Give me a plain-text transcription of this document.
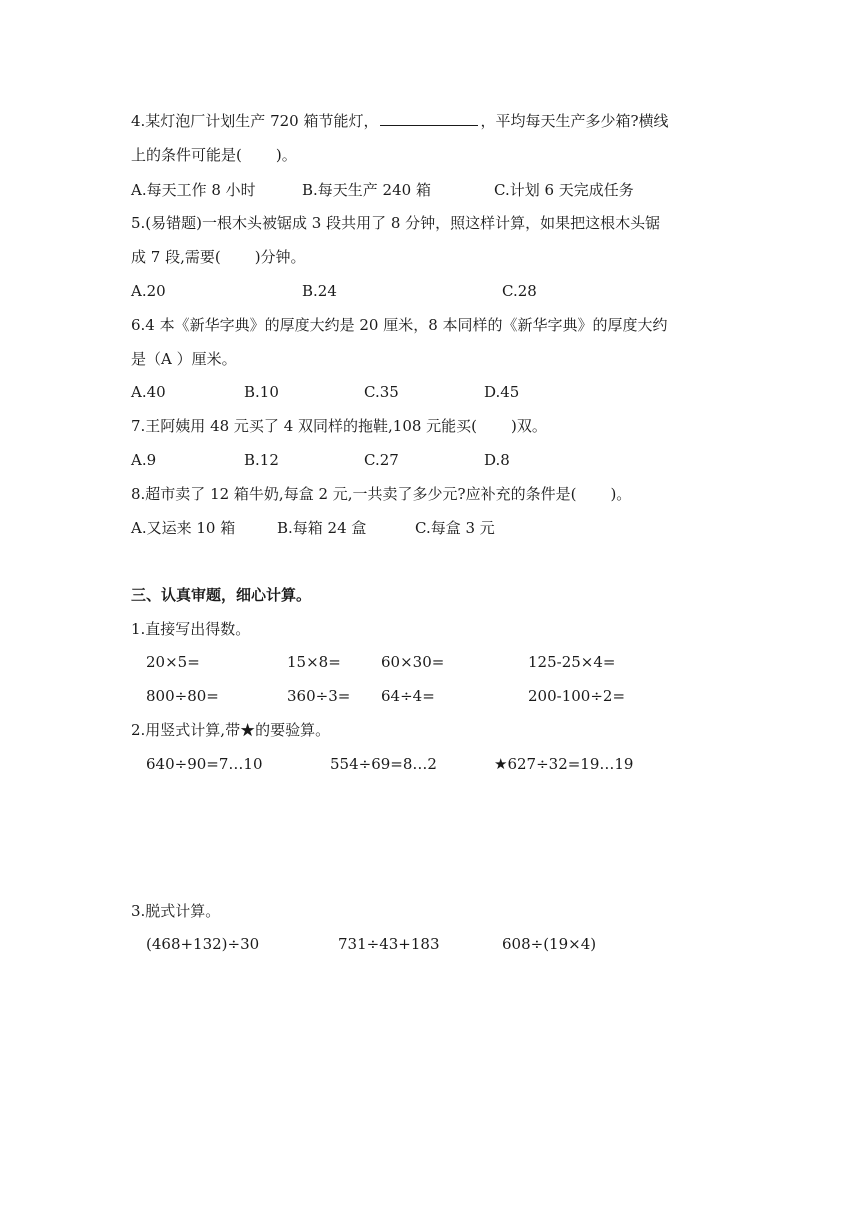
4.某灯泡厂计划生产 720 箱节能灯，	，平均每天生产多少箱?横线
上的条件可能是( )。
A.每天工作 8 小时	B.每天生产 240 箱	C.计划 6 天完成任务
5.(易错题)一根木头被锯成 3 段共用了 8 分钟，照这样计算，如果把这根木头锯
成 7 段,需要( )分钟。
A.20	B.24	C.28
6.4 本《新华字典》的厚度大约是 20 厘米，8 本同样的《新华字典》的厚度大约
是（A ）厘米。
A.40	B.10	C.35	D.45
7.王阿姨用 48 元买了 4 双同样的拖鞋,108 元能买( )双。
A.9	B.12	C.27	D.8
8.超市卖了 12 箱牛奶,每盒 2 元,一共卖了多少元?应补充的条件是( )。
A.又运来 10 箱	B.每箱 24 盒	C.每盒 3 元
三、认真审题，细心计算。
1.直接写出得数。
20×5=	15×8=	60×30=	125-25×4=
800÷80=	360÷3= 64÷4=	200-100÷2=
2.用竖式计算,带★的要验算。
640÷90=7…10	554÷69=8…2	★627÷32=19…19
3.脱式计算。
(468+132)÷30	731÷43+183	608÷(19×4)
